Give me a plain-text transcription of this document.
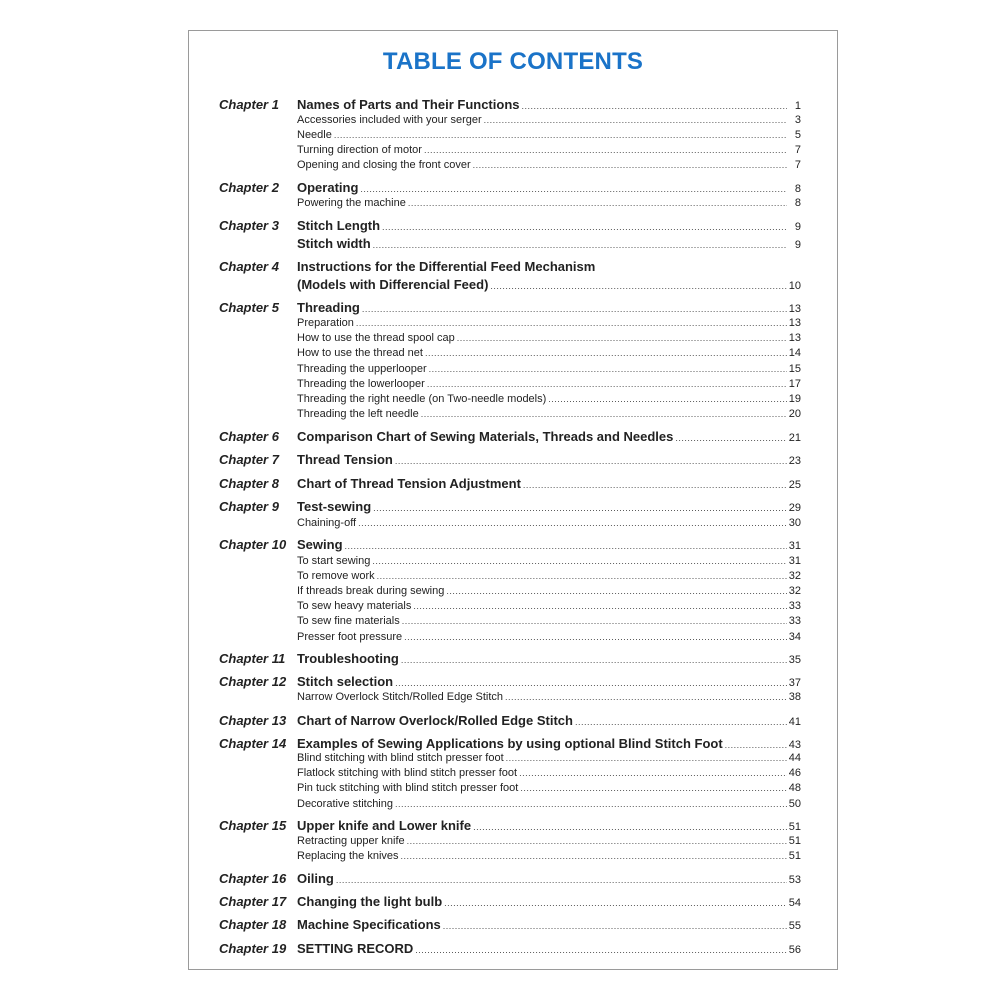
TABLE OF CONTENTS
Chapter 1 Names of Parts and Their Functions .....	1
Accessories included with your serger .....	3
Needle .....	5
Turning direction of motor .....	7
Opening and closing the front cover .....	7
Chapter 2 Operating .....	8
Powering the machine .....	8
Chapter 3 Stitch Length .....	9
Stitch width .....	9
Chapter 4 Instructions for the Differential Feed Mechanism
(Models with Differencial Feed) .....	10
Chapter 5 Threading .....	13
Preparation .....	13
How to use the thread spool cap .....	13
How to use the thread net .....	14
Threading the upperlooper .....	15
Threading the lowerlooper .....	17
Threading the right needle (on Two-needle models) .....	19
Threading the left needle .....	20
Chapter 6 Comparison Chart of Sewing Materials, Threads and Needles .....	21
Chapter 7 Thread Tension .....	23
Chapter 8 Chart of Thread Tension Adjustment .....	25
Chapter 9 Test-sewing .....	29
Chaining-off .....	30
Chapter 10 Sewing .....	31
To start sewing .....	31
To remove work .....	32
If threads break during sewing .....	32
To sew heavy materials .....	33
To sew fine materials .....	33
Presser foot pressure .....	34
Chapter 11 Troubleshooting .....	35
Chapter 12 Stitch selection .....	37
Narrow Overlock Stitch/Rolled Edge Stitch .....	38
Chapter 13 Chart of Narrow Overlock/Rolled Edge Stitch .....	41
Chapter 14 Examples of Sewing Applications by using optional Blind Stitch Foot .....	43
Blind stitching with blind stitch presser foot .....	44
Flatlock stitching with blind stitch presser foot .....	46
Pin tuck stitching with blind stitch presser foot .....	48
Decorative stitching .....	50
Chapter 15 Upper knife and Lower knife .....	51
Retracting upper knife .....	51
Replacing the knives .....	51
Chapter 16 Oiling .....	53
Chapter 17 Changing the light bulb .....	54
Chapter 18 Machine Specifications .....	55
Chapter 19 SETTING RECORD .....	56
